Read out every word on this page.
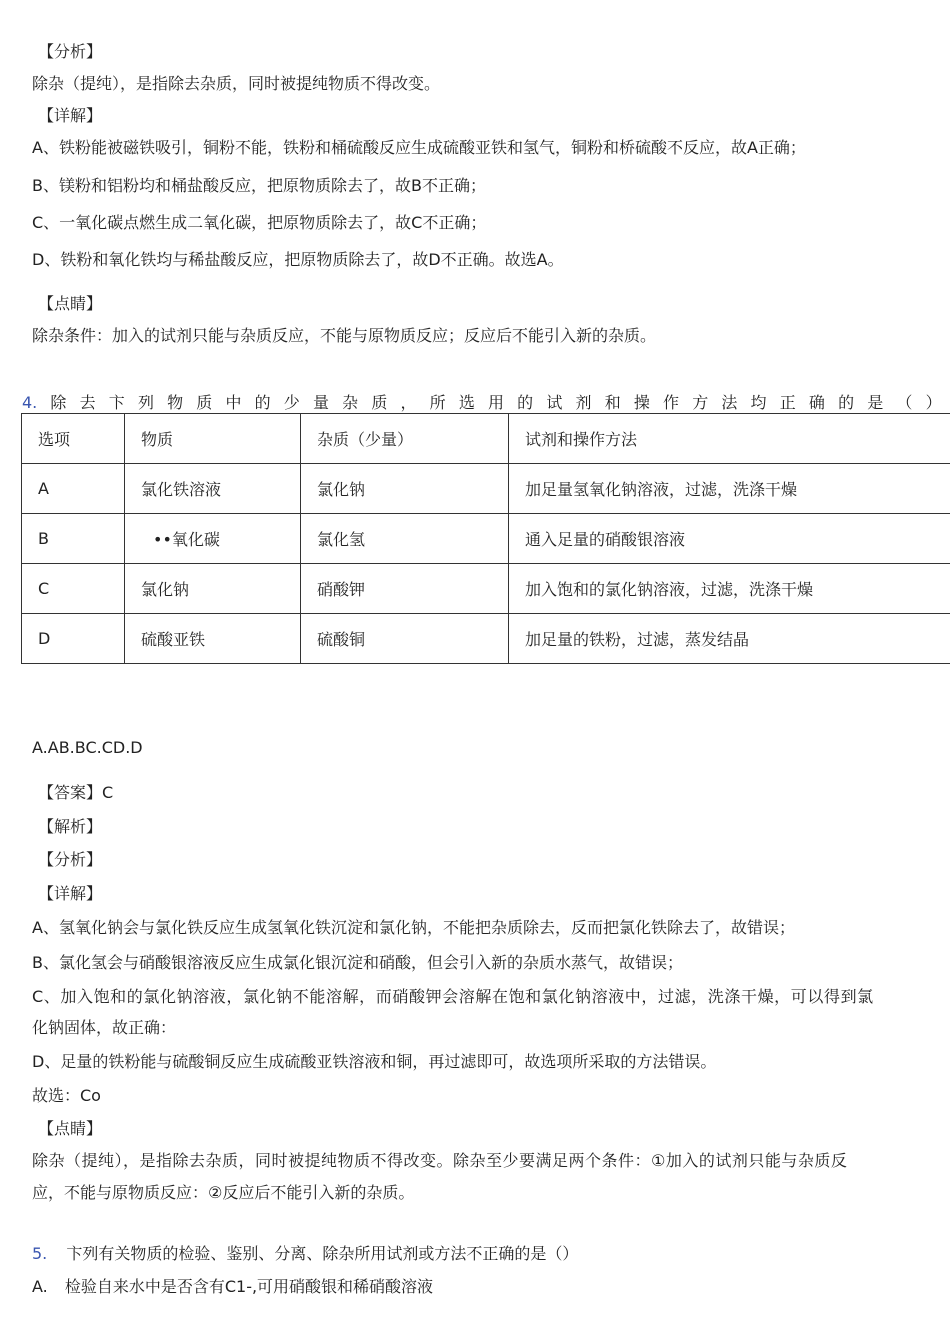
【分析】
除杂（提纯），是指除去杂质，同时被提纯物质不得改变。
【详解】
A、铁粉能被磁铁吸引，铜粉不能，铁粉和桶硫酸反应生成硫酸亚铁和氢气，铜粉和桥硫酸不反应，故A正确；
B、镁粉和铝粉均和桶盐酸反应，把原物质除去了，故B不正确；
C、一氧化碳点燃生成二氧化碳，把原物质除去了，故C不正确；
D、铁粉和氧化铁均与稀盐酸反应，把原物质除去了，故D不正确。故选A。
【点睛】
除杂条件：加入的试剂只能与杂质反应，不能与原物质反应；反应后不能引入新的杂质。
4. 除 去 卞 列 物 质 中 的 少 量 杂 质 ， 所 选 用 的 试 剂 和 操 作 方 法 均 正 确 的 是 （ ）
选项	物质	杂质（少量）	试剂和操作方法
A	氯化铁溶液	氯化钠	加足量氢氧化钠溶液，过滤，洗涤干燥
B	••氧化碳	氯化氢	通入足量的硝酸银溶液
C	氯化钠	硝酸钾	加入饱和的氯化钠溶液，过滤，洗涤干燥
D	硫酸亚铁	硫酸铜	加足量的铁粉，过滤，蒸发结晶
A.AB.BC.CD.D
【答案】C
【解析】
【分析】
【详解】
A、氢氧化钠会与氯化铁反应生成氢氧化铁沉淀和氯化钠，不能把杂质除去，反而把氯化铁除去了，故错误；
B、氯化氢会与硝酸银溶液反应生成氯化银沉淀和硝酸，但会引入新的杂质水蒸气，故错误；
C、加入饱和的氯化钠溶液，氯化钠不能溶解，而硝酸钾会溶解在饱和氯化钠溶液中，过滤，洗涤干燥，可以得到氯
化钠固体，故正确：
D、足量的铁粉能与硫酸铜反应生成硫酸亚铁溶液和铜，再过滤即可，故选项所采取的方法错误。
故选：Co
【点睛】
除杂（提纯），是指除去杂质，同时被提纯物质不得改变。除杂至少要满足两个条件：①加入的试剂只能与杂质反
应，不能与原物质反应：②反应后不能引入新的杂质。
5. 卞列有关物质的检验、鉴别、分离、除杂所用试剂或方法不正确的是（）
A. 检验自来水中是否含有C1-,可用硝酸银和稀硝酸溶液
